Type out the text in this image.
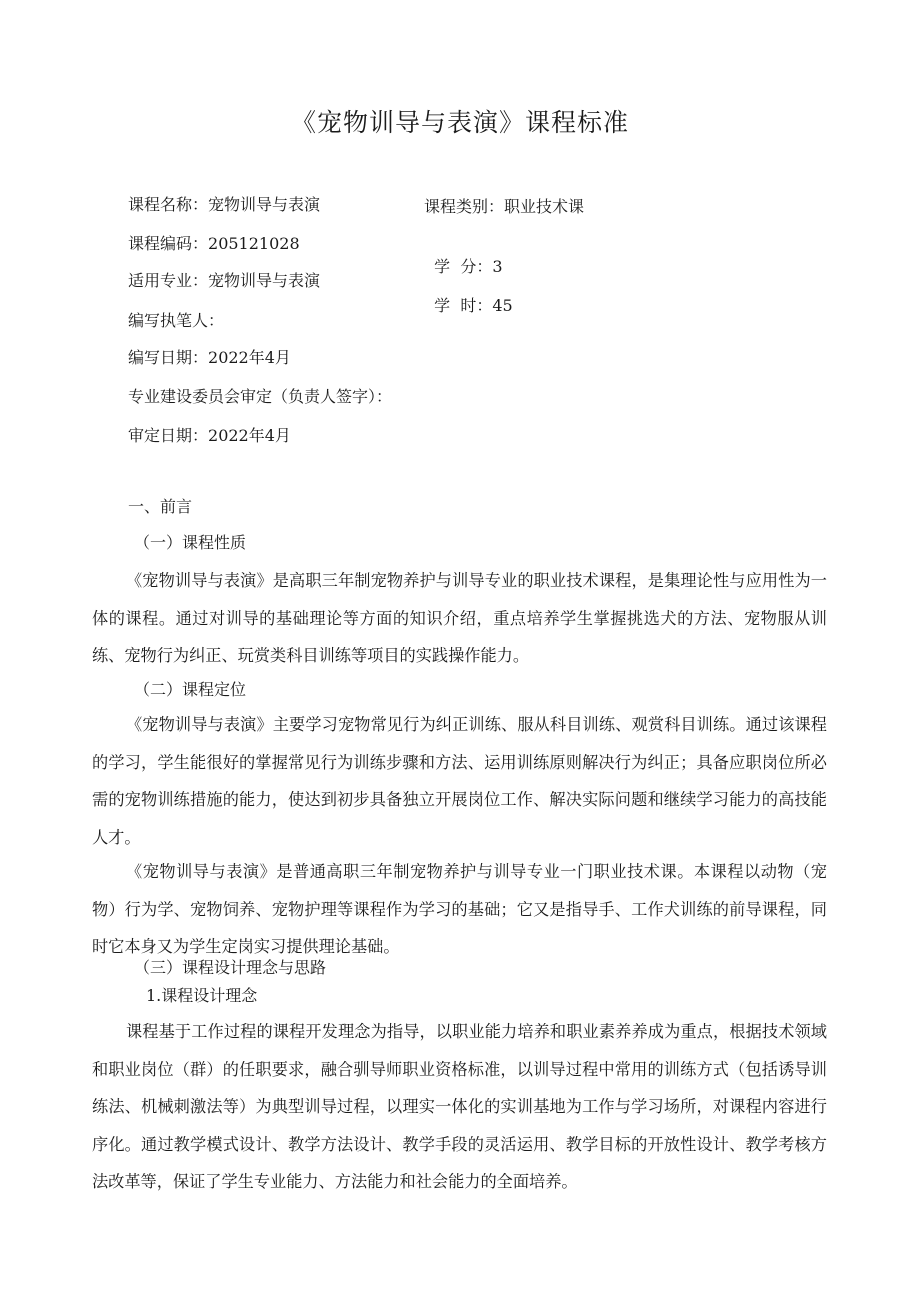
《宠物训导与表演》课程标准
课程名称：宠物训导与表演	课程类别：职业技术课
课程编码：205121028

学  分：3

适用专业：宠物训导与表演

学  时：45

编写执笔人：
编写日期：2022年4月
专业建设委员会审定（负责人签字）：
审定日期：2022年4月
一、前言
（一）课程性质
《宠物训导与表演》是高职三年制宠物养护与训导专业的职业技术课程，是集理论性与应用性为一体的课程。通过对训导的基础理论等方面的知识介绍，重点培养学生掌握挑选犬的方法、宠物服从训练、宠物行为纠正、玩赏类科目训练等项目的实践操作能力。
（二）课程定位
《宠物训导与表演》主要学习宠物常见行为纠正训练、服从科目训练、观赏科目训练。通过该课程的学习，学生能很好的掌握常见行为训练步骤和方法、运用训练原则解决行为纠正；具备应职岗位所必需的宠物训练措施的能力，使达到初步具备独立开展岗位工作、解决实际问题和继续学习能力的高技能人才。
《宠物训导与表演》是普通高职三年制宠物养护与训导专业一门职业技术课。本课程以动物（宠物）行为学、宠物饲养、宠物护理等课程作为学习的基础；它又是指导手、工作犬训练的前导课程，同时它本身又为学生定岗实习提供理论基础。
（三）课程设计理念与思路
1.课程设计理念
课程基于工作过程的课程开发理念为指导，以职业能力培养和职业素养养成为重点，根据技术领域和职业岗位（群）的任职要求，融合驯导师职业资格标准，以训导过程中常用的训练方式（包括诱导训练法、机械刺激法等）为典型训导过程，以理实一体化的实训基地为工作与学习场所，对课程内容进行序化。通过教学模式设计、教学方法设计、教学手段的灵活运用、教学目标的开放性设计、教学考核方法改革等，保证了学生专业能力、方法能力和社会能力的全面培养。
